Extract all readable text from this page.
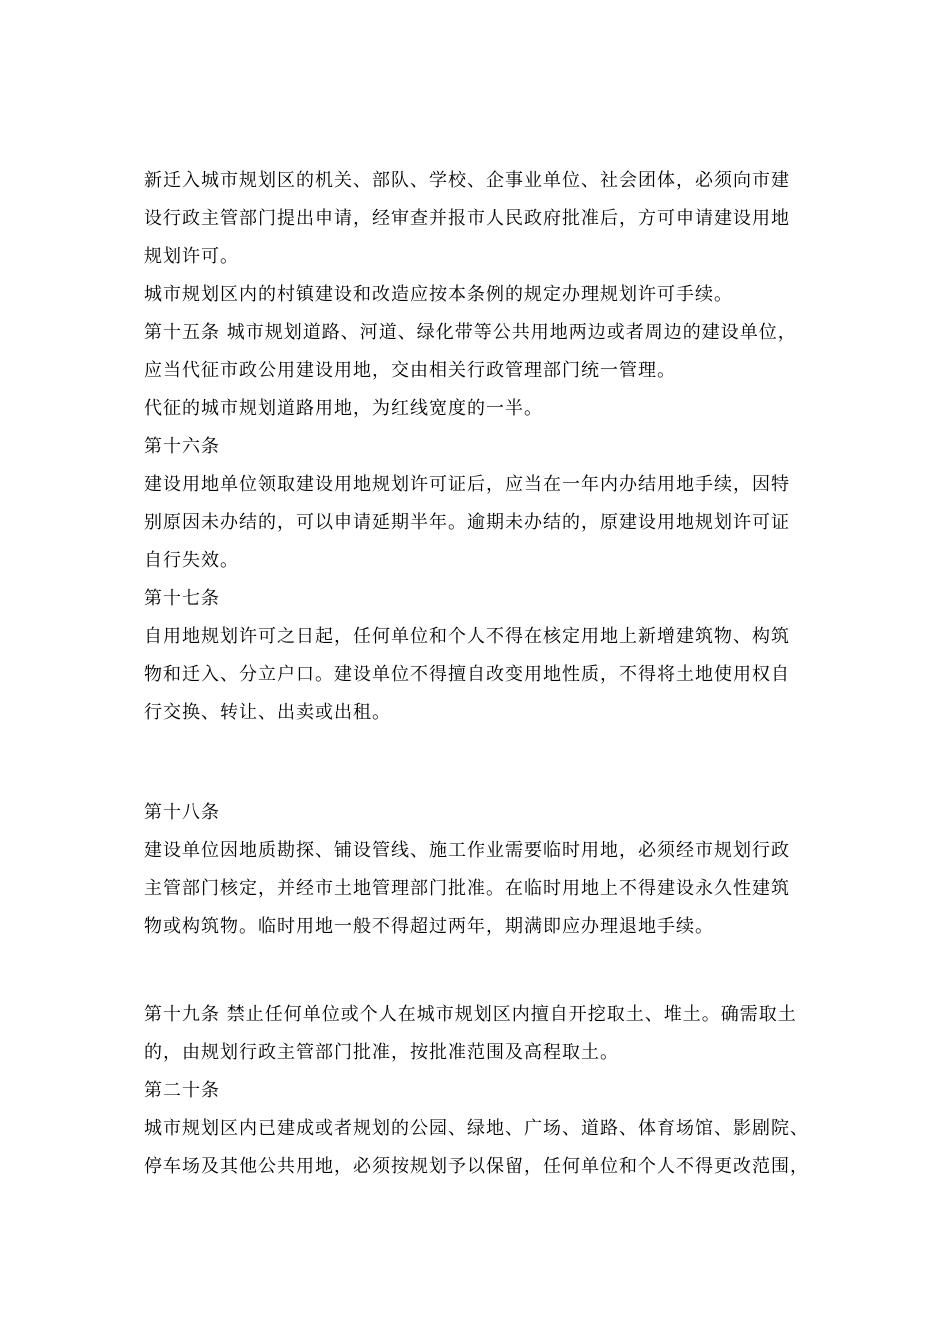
新迁入城市规划区的机关、部队、学校、企事业单位、社会团体，必须向市建
设行政主管部门提出申请，经审查并报市人民政府批准后，方可申请建设用地
规划许可。
城市规划区内的村镇建设和改造应按本条例的规定办理规划许可手续。
第十五条 城市规划道路、河道、绿化带等公共用地两边或者周边的建设单位，
应当代征市政公用建设用地，交由相关行政管理部门统一管理。
代征的城市规划道路用地，为红线宽度的一半。
第十六条
建设用地单位领取建设用地规划许可证后，应当在一年内办结用地手续，因特
别原因未办结的，可以申请延期半年。逾期未办结的，原建设用地规划许可证
自行失效。
第十七条
自用地规划许可之日起，任何单位和个人不得在核定用地上新增建筑物、构筑
物和迁入、分立户口。建设单位不得擅自改变用地性质，不得将土地使用权自
行交换、转让、出卖或出租。
第十八条
建设单位因地质勘探、铺设管线、施工作业需要临时用地，必须经市规划行政
主管部门核定，并经市土地管理部门批准。在临时用地上不得建设永久性建筑
物或构筑物。临时用地一般不得超过两年，期满即应办理退地手续。
第十九条 禁止任何单位或个人在城市规划区内擅自开挖取土、堆土。确需取土
的，由规划行政主管部门批准，按批准范围及高程取土。
第二十条
城市规划区内已建成或者规划的公园、绿地、广场、道路、体育场馆、影剧院、
停车场及其他公共用地，必须按规划予以保留，任何单位和个人不得更改范围，
